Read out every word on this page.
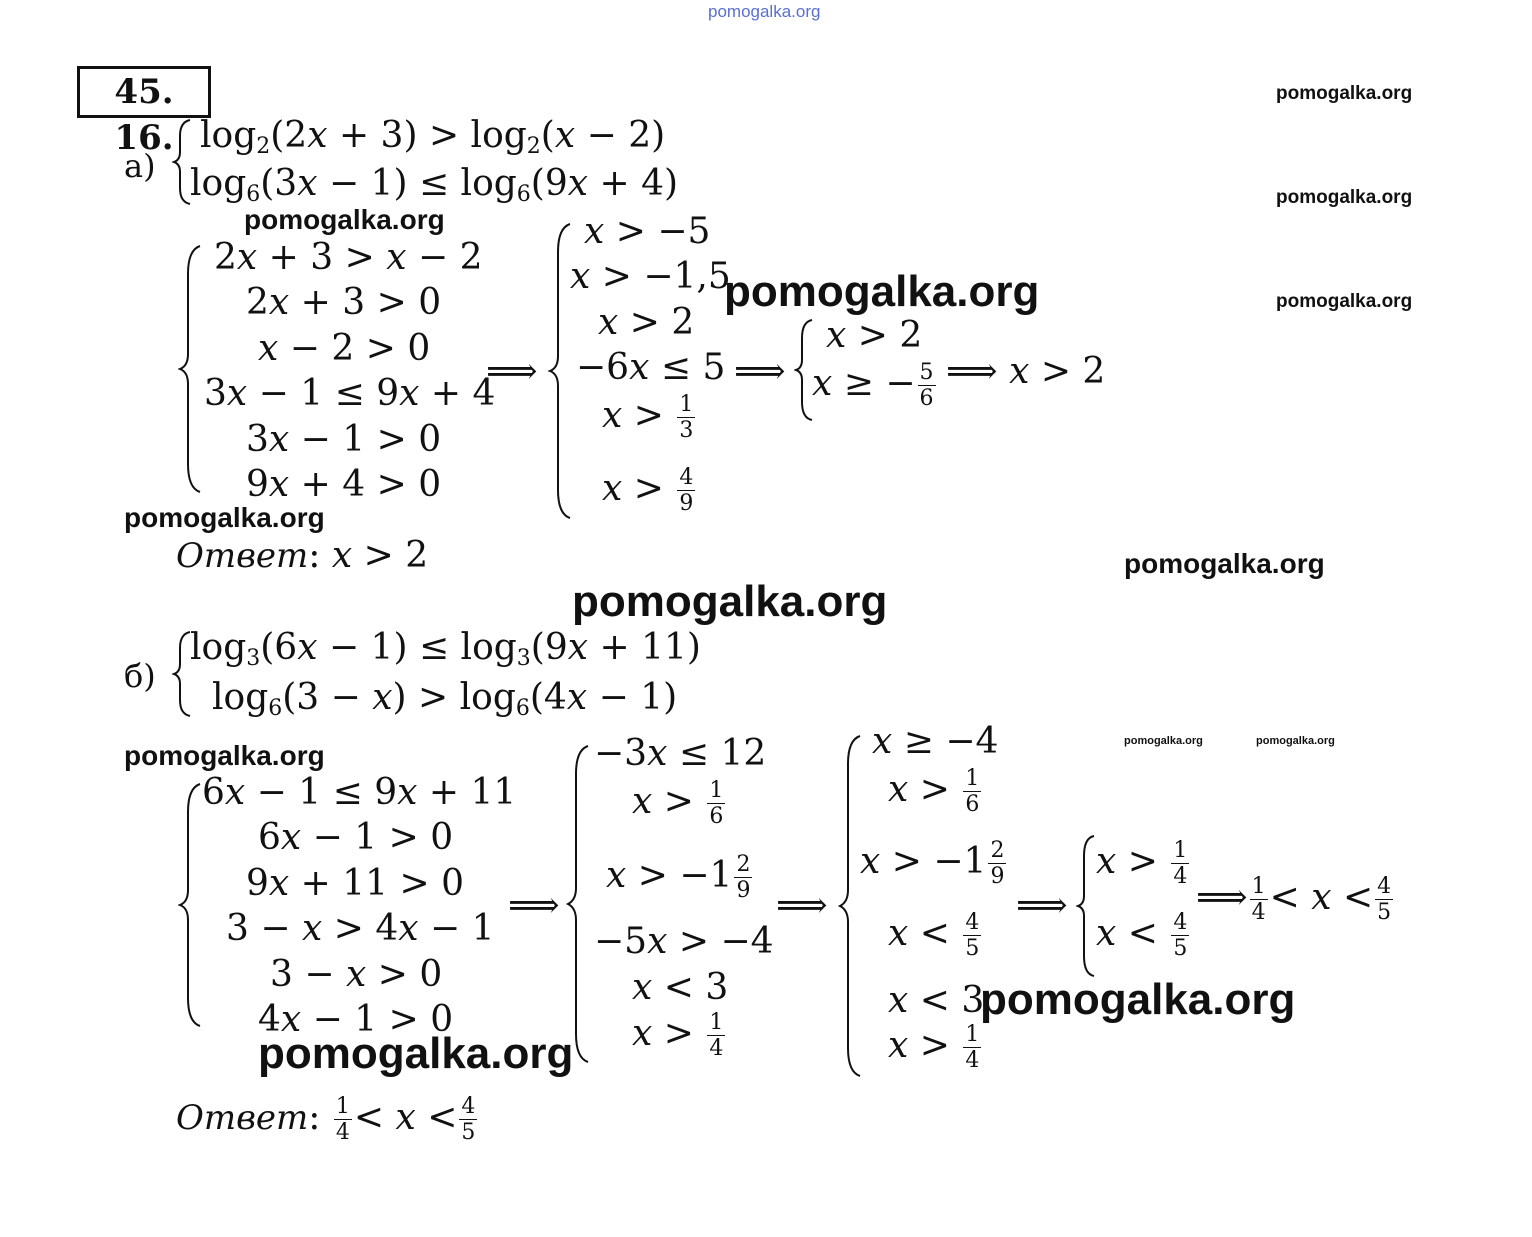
pomogalka.org
45. 16.
pomogalka.org
pomogalka.org
pomogalka.org
а)
$\log_2(2x + 3) > \log_2(x - 2)$
$\log_6(3x - 1) \le \log_6(9x + 4)$
pomogalka.org
2x + 3 > x − 2
2x + 3 > 0
x − 2 > 0
3x − 1 ≤ 9x + 4
3x − 1 > 0
9x + 4 > 0
⟹
x > −5
x > −1,5
x > 2
−6x ≤ 5
$x > \frac{1}{3}$
$x > \frac{4}{9}$
pomogalka.org
⟹
x > 2
x ≥ − $\frac{5}{6}$ ⟹ x > 2
pomogalka.org
Ответ: x > 2	pomogalka.org
pomogalka.org
б)
$\log_3(6x - 1) \le \log_3(9x + 11)$
$\log_6(3 - x) > \log_6(4x - 1)$
pomogalka.org	pomogalka.org
pomogalka.org
6x − 1 ≤ 9x + 11
6x − 1 > 0
9x + 11 > 0
3 − x > 4x − 1
3 − x > 0
4x − 1 > 0
pomogalka.org
⟹
−3x ≤ 12
$x > \frac{1}{6}$
$x > -1 \frac{2}{9}$
−5x > −4
x < 3
$x > \frac{1}{4}$
⟹
x ≥ −4
$x > \frac{1}{6}$
$x > -1 \frac{2}{9}$
$x < \frac{4}{5}$
x < 3
$x > \frac{1}{4}$
pomogalka.org
⟹
$x > \frac{1}{4}$
$x < \frac{4}{5}$
⟹ $\frac{1}{4} < x < \frac{4}{5}$
Ответ: $\frac{1}{4} < x < \frac{4}{5}$
